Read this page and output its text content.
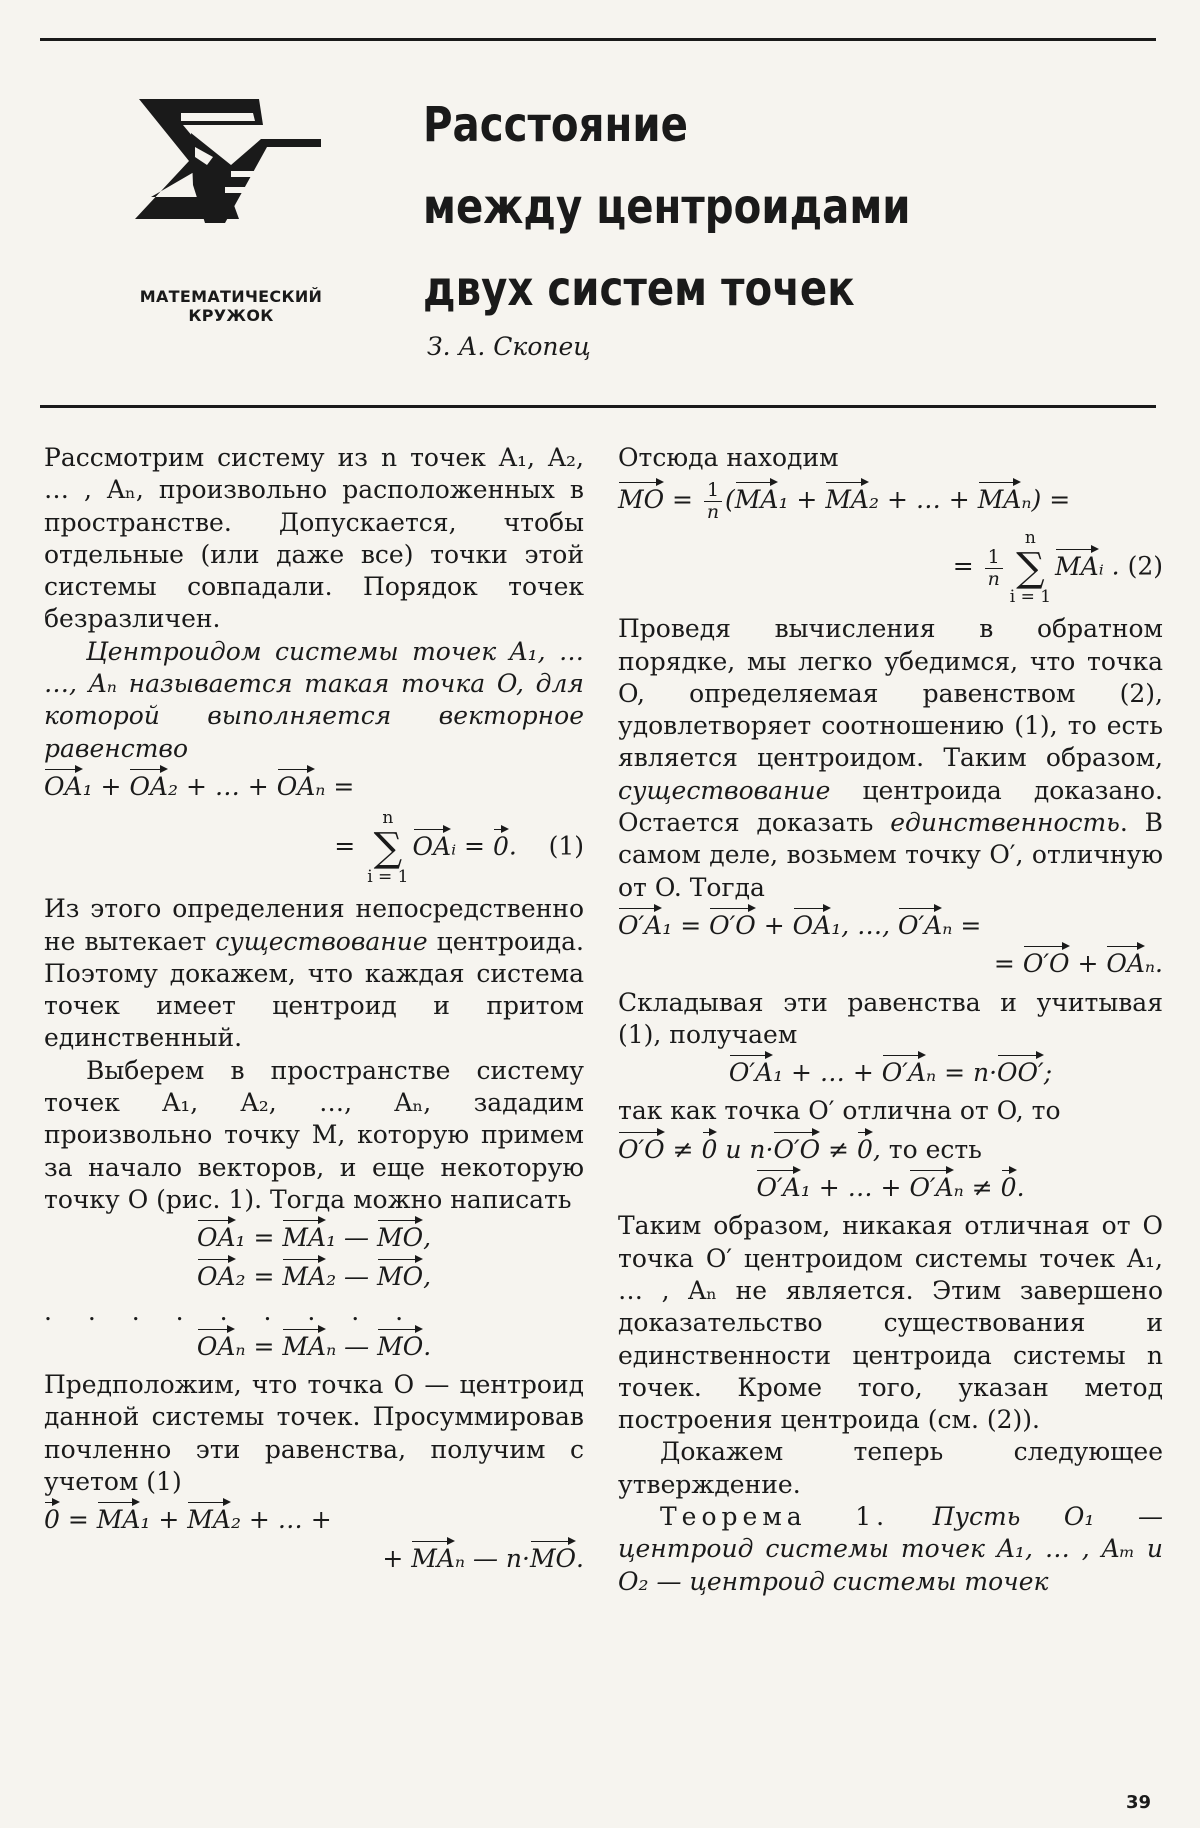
МАТЕМАТИЧЕСКИЙ
КРУЖОК
Расстояние
между центроидами
двух систем точек
З. А. Скопец

Рассмотрим систему из n точек A₁, A₂, … , Aₙ, произвольно расположенных в пространстве. Допускается, чтобы отдельные (или даже все) точки этой системы совпадали. Порядок точек безразличен.

Центроидом системы точек A₁, … …, Aₙ называется такая точка O, для которой выполняется векторное равенство

OA₁ + OA₂ + … + OAₙ =
=
n
∑
i = 1
OAᵢ = 0.    (1)

Из этого определения непосредственно не вытекает существование центроида. Поэтому докажем, что каждая система точек имеет центроид и притом единственный.

Выберем в пространстве систему точек A₁, A₂, …, Aₙ, зададим произвольно точку M, которую примем за начало векторов, и еще некоторую точку O (рис. 1). Тогда можно написать

OA₁ = MA₁ — MO,
OA₂ = MA₂ — MO,

. . . . . . . . .

OAₙ = MAₙ — MO.

Предположим, что точка O — центроид данной системы точек. Просуммировав почленно эти равенства, получим с учетом (1)

0 = MA₁ + MA₂ + … +
+ MAₙ — n·MO.

Отсюда находим

MO = $\frac{1}{n} (MA_1 + MA_2$ + … + MAₙ) =
= $\frac{1}{n}$
n
∑
i = 1
MAᵢ . (2)

Проведя вычисления в обратном порядке, мы легко убедимся, что точка O, определяемая равенством (2), удовлетворяет соотношению (1), то есть является центроидом. Таким образом, существование центроида доказано. Остается доказать единственность. В самом деле, возьмем точку O′, отличную от O. Тогда

O′A₁ = O′O + OA₁, …, O′Aₙ =
= O′O + OAₙ.

Складывая эти равенства и учитывая (1), получаем

O′A₁ + … + O′Aₙ = n·OO′;

так как точка O′ отлична от O, то

O′O ≠ 0 и n·O′O ≠ 0, то есть
O′A₁ + … + O′Aₙ ≠ 0.

Таким образом, никакая отличная от O точка O′ центроидом системы точек A₁, … , Aₙ не является. Этим завершено доказательство существования и единственности центроида системы n точек. Кроме того, указан метод построения центроида (см. (2)).

Докажем теперь следующее утверждение.

Теорема 1. Пусть O₁ — центроид системы точек A₁, … , Aₘ и O₂ — центроид системы точек

39
